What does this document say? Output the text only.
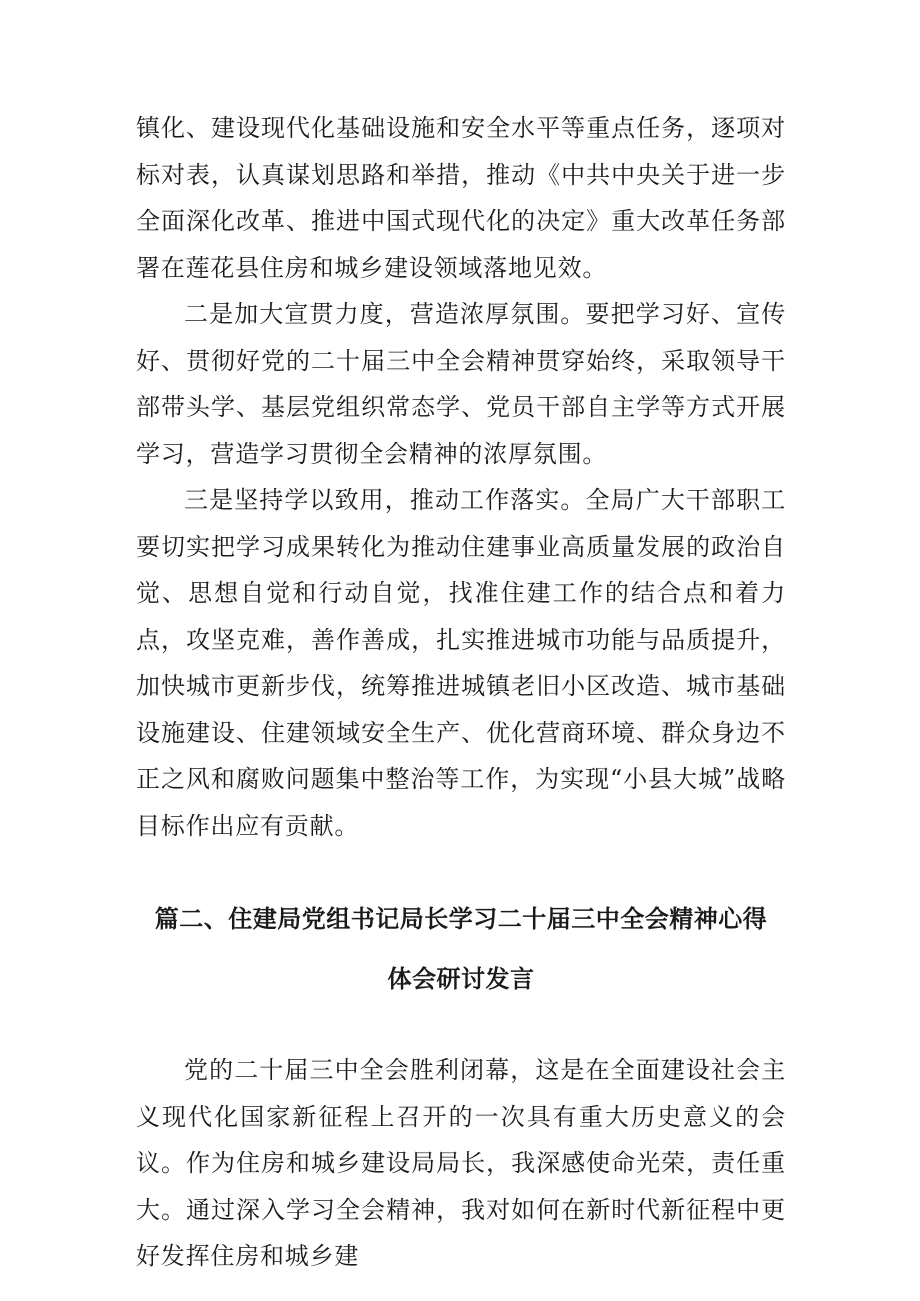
镇化、建设现代化基础设施和安全水平等重点任务，逐项对标对表，认真谋划思路和举措，推动《中共中央关于进一步全面深化改革、推进中国式现代化的决定》重大改革任务部署在莲花县住房和城乡建设领域落地见效。

二是加大宣贯力度，营造浓厚氛围。要把学习好、宣传好、贯彻好党的二十届三中全会精神贯穿始终，采取领导干部带头学、基层党组织常态学、党员干部自主学等方式开展学习，营造学习贯彻全会精神的浓厚氛围。

三是坚持学以致用，推动工作落实。全局广大干部职工要切实把学习成果转化为推动住建事业高质量发展的政治自觉、思想自觉和行动自觉，找准住建工作的结合点和着力点，攻坚克难，善作善成，扎实推进城市功能与品质提升，加快城市更新步伐，统筹推进城镇老旧小区改造、城市基础设施建设、住建领域安全生产、优化营商环境、群众身边不正之风和腐败问题集中整治等工作，为实现“小县大城”战略目标作出应有贡献。

篇二、住建局党组书记局长学习二十届三中全会精神心得
体会研讨发言

党的二十届三中全会胜利闭幕，这是在全面建设社会主义现代化国家新征程上召开的一次具有重大历史意义的会议。作为住房和城乡建设局局长，我深感使命光荣，责任重大。通过深入学习全会精神，我对如何在新时代新征程中更好发挥住房和城乡建
